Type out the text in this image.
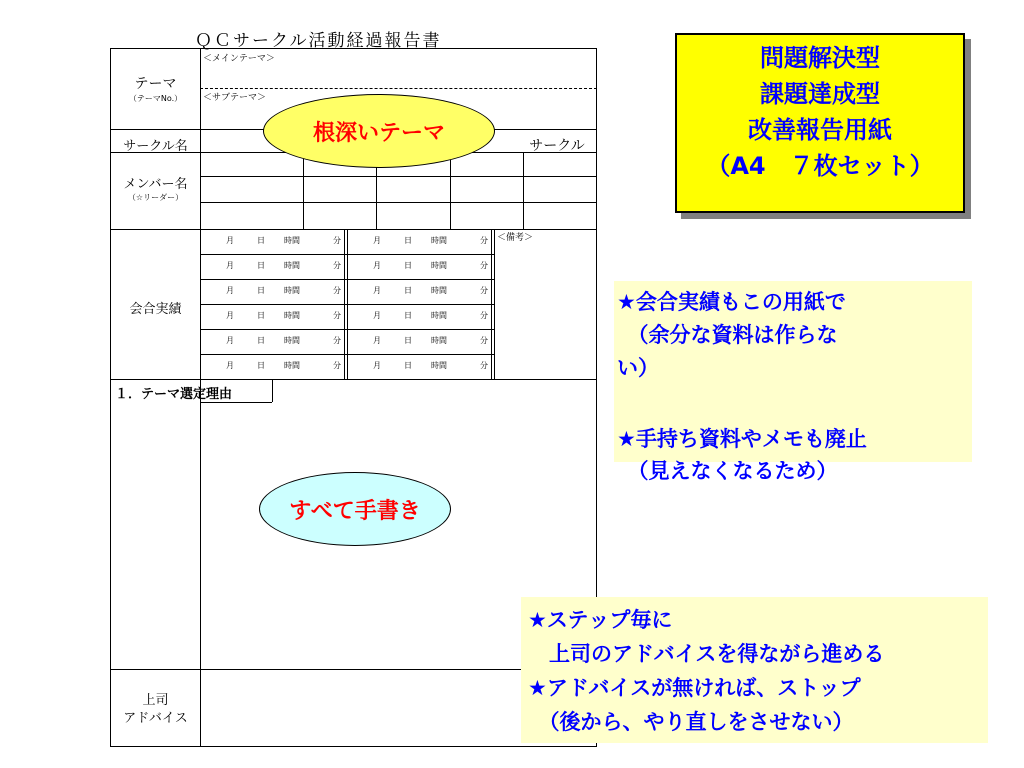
ＱＣサークル活動経過報告書
テーマ
（テーマNo.）
＜メインテーマ＞
＜サブテーマ＞
サークル名	サークル
メンバー名
（☆リーダー）
会合実績
＜備考＞
月	日 時間	分	月	日 時間	分
月	日 時間	分	月	日 時間	分
月	日 時間	分	月	日 時間	分
月	日 時間	分	月	日 時間	分
月	日 時間	分	月	日 時間	分
月	日 時間	分	月	日 時間	分
１．テーマ選定理由
上司
アドバイス
根深いテーマ
すべて手書き
問題解決型
課題達成型
改善報告用紙
（A4　７枚セット）
★会合実績もこの用紙で
　（余分な資料は作らな
い）
★手持ち資料やメモも廃止
　（見えなくなるため）
★ステップ毎に
　上司のアドバイスを得ながら進める
★アドバイスが無ければ、ストップ
　（後から、やり直しをさせない）
